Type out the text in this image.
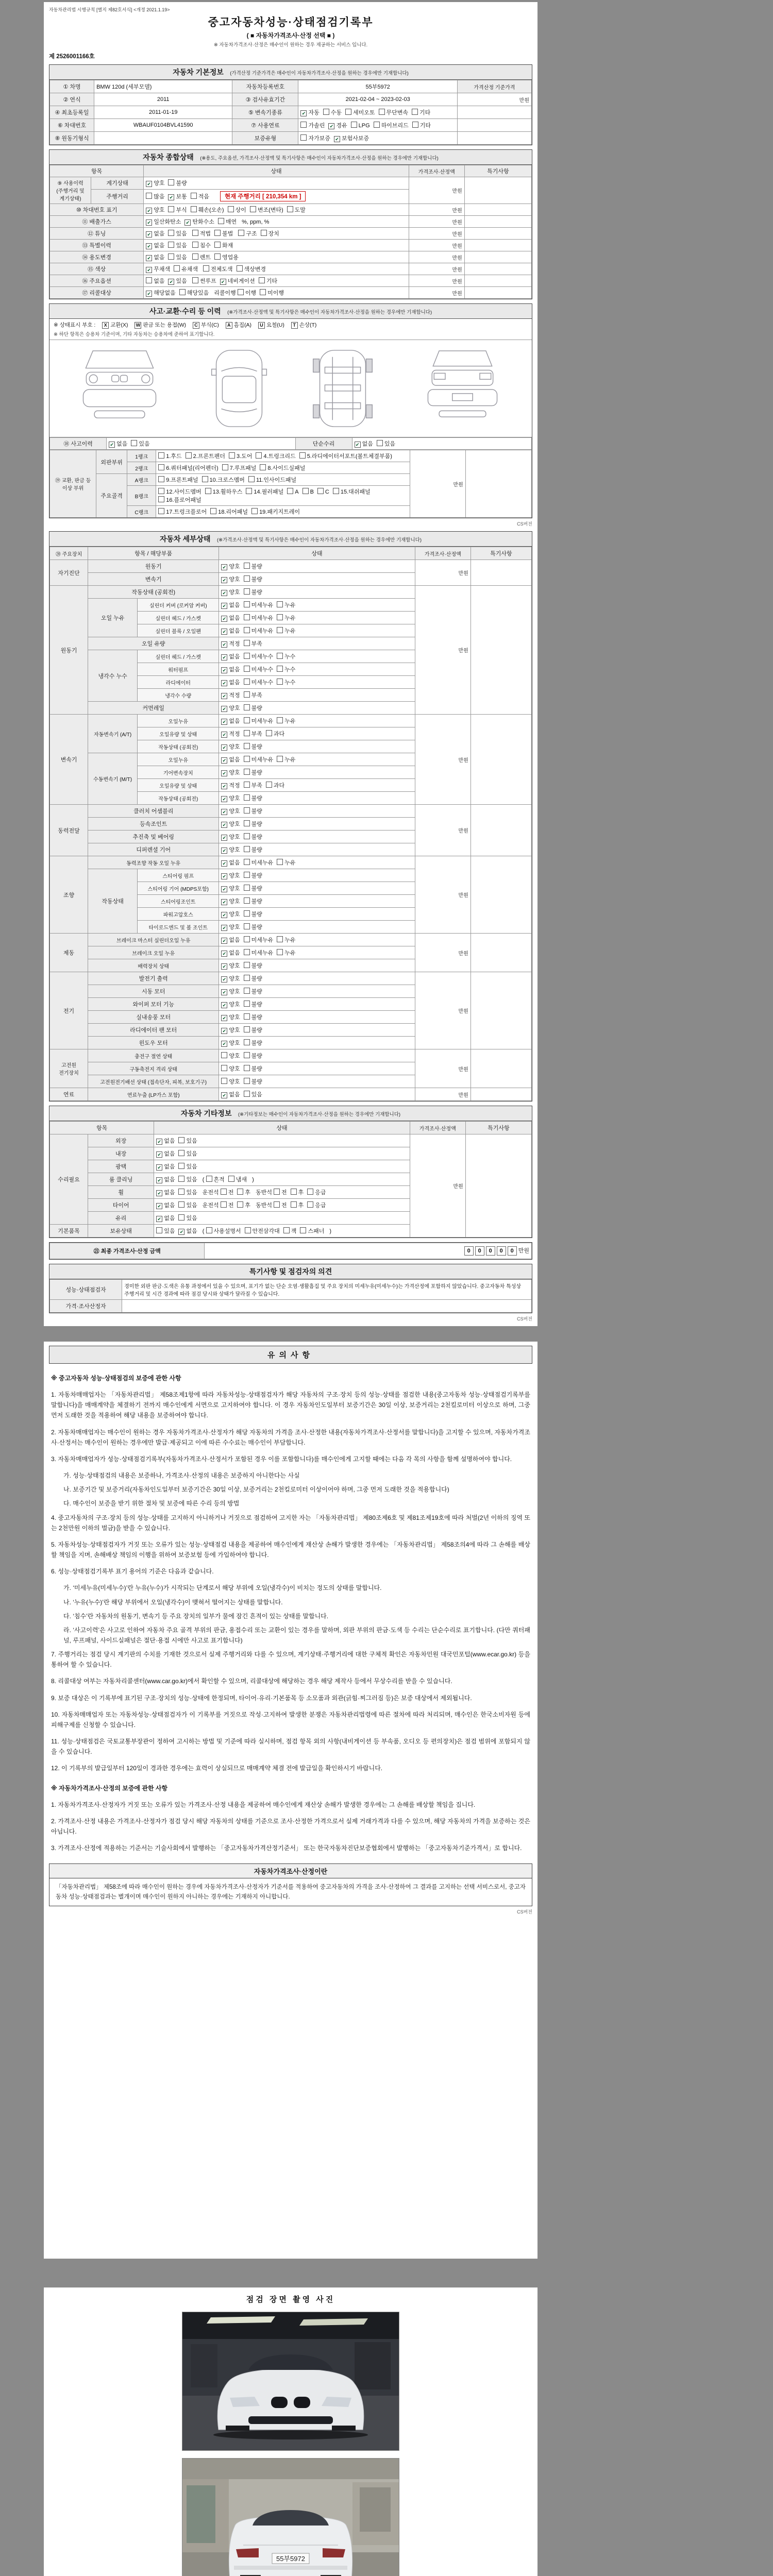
자동차관리법 시행규칙 [별지 제82호서식] <개정 2021.1.19>
중고자동차성능·상태점검기록부
( ■ 자동차가격조사·산정 선택 ■ )
※ 자동차가격조사·산정은 매수인이 원하는 경우 제공하는 서비스 입니다.
제 2526001166호
자동차 기본정보 (가격산정 기준가격은 매수인이 자동차가격조사·산정을 원하는 경우에만 기재합니다)
① 차명	BMW 120d (세부모델)	자동차등록번호	55부5972	가격산정 기준가격
② 연식	2011	③ 검사유효기간	2021-02-04 ~ 2023-02-03	만원
④ 최초등록일	2011-01-19	⑤ 변속기종류	✔ 자동 수동 세미오토 무단변속 기타	
⑥ 차대번호	WBAUF0104BVL41590	⑦ 사용연료	가솔린 ✔ 경유 LPG 하이브리드 기타	
⑧ 원동기형식		보증유형	자가보증 ✔ 보험사보증	
자동차 종합상태 (※용도, 주요옵션, 가격조사·산정액 및 특기사항은 매수인이 자동차가격조사·산정을 원하는 경우에만 기재합니다)
항목		상태	가격조사·산정액	특기사항
⑨ 사용이력 (주행거리 및 계기상태)	계기상태	✔ 양호 불량	만원	
	주행거리	많음 ✔ 보통 적음 현재 주행거리 [ 210,354 km ]		
⑩ 차대번호 표기		✔ 양호 부식 훼손(오손) 상이 변조(변타) 도말	만원	
⑪ 배출가스		✔ 일산화탄소 ✔ 탄화수소 매연 %, ppm, %	만원	
⑫ 튜닝		✔ 없음 있음 적법 불법 구조 장치	만원	
⑬ 특별이력		✔ 없음 있음 침수 화재	만원	
⑭ 용도변경		✔ 없음 있음 렌트 영업용	만원	
⑮ 색상		✔ 무채색 유채색 전체도색 색상변경	만원	
⑯ 주요옵션		없음 ✔ 있음 썬루프 ✔ 네비게이션 기타	만원	
⑰ 리콜대상		✔ 해당없음 해당있음 리콜이행 이행 미이행	만원	
사고·교환·수리 등 이력 (※가격조사·산정액 및 특기사항은 매수인이 자동차가격조사·산정을 원하는 경우에만 기재합니다)
※ 상태표시 부호 : X 교환(X) W 판금 또는 용접(W) C 부식(C) A 흠집(A) U 요철(U) T 손상(T)
※ 하단 항목은 승용차 기준이며, 기타 자동차는 승용차에 준하여 표기합니다.
⑱ 사고이력	✔ 없음 있음	단순수리	✔ 없음 있음
⑲ 교환, 판금 등 이상 부위	외판부위	1랭크	1.후드 2.프론트펜더 3.도어 4.트렁크리드 5.라디에이터서포트(볼트체결부품)	만원	
		2랭크	6.쿼터패널(리어펜더) 7.루프패널 8.사이드실패널		
	주요골격	A랭크	9.프론트패널 10.크로스멤버 11.인사이드패널		
		B랭크	12.사이드멤버 13.휠하우스 14.필러패널 A B C 15.대쉬패널16.플로어패널		
		C랭크	17.트렁크플로어 18.리어패널 19.패키지트레이		
CS버전
자동차 세부상태 (※가격조사·산정액 및 특기사항은 매수인이 자동차가격조사·산정을 원하는 경우에만 기재합니다)
⑳ 주요장치	항목 / 해당부품		상태	가격조사·산정액	특기사항
자기진단	원동기		✔ 양호 불량	만원	
	변속기		✔ 양호 불량		
원동기	작동상태 (공회전)		✔ 양호 불량	만원	
	오일 누유	실린더 커버 (로커암 커버)	✔ 없음 미세누유 누유		
		실린더 헤드 / 가스켓	✔ 없음 미세누유 누유		
		실린더 블록 / 오일팬	✔ 없음 미세누유 누유		
	오일 유량		✔ 적정 부족		
	냉각수 누수	실린더 헤드 / 가스켓	✔ 없음 미세누수 누수		
		워터펌프	✔ 없음 미세누수 누수		
		라디에이터	✔ 없음 미세누수 누수		
		냉각수 수량	✔ 적정 부족		
	커먼레일		✔ 양호 불량		
변속기	자동변속기 (A/T)	오일누유	✔ 없음 미세누유 누유	만원	
		오일유량 및 상태	✔ 적정 부족 과다		
		작동상태 (공회전)	✔ 양호 불량		
	수동변속기 (M/T)	오일누유	✔ 없음 미세누유 누유		
		기어변속장치	✔ 양호 불량		
		오일유량 및 상태	✔ 적정 부족 과다		
		작동상태 (공회전)	✔ 양호 불량		
동력전달	클러치 어셈블리		✔ 양호 불량	만원	
	등속조인트		✔ 양호 불량		
	추진축 및 베어링		✔ 양호 불량		
	디퍼렌셜 기어		✔ 양호 불량		
조향	동력조향 작동 오일 누유		✔ 없음 미세누유 누유	만원	
	작동상태	스티어링 펌프	✔ 양호 불량		
		스티어링 기어 (MDPS포함)	✔ 양호 불량		
		스티어링조인트	✔ 양호 불량		
		파워고압호스	✔ 양호 불량		
		타이로드엔드 및 볼 조인트	✔ 양호 불량		
제동	브레이크 마스터 실린더오일 누유		✔ 없음 미세누유 누유	만원	
	브레이크 오일 누유		✔ 없음 미세누유 누유		
	배력장치 상태		✔ 양호 불량		
전기	발전기 출력		✔ 양호 불량	만원	
	시동 모터		✔ 양호 불량		
	와이퍼 모터 기능		✔ 양호 불량		
	실내송풍 모터		✔ 양호 불량		
	라디에이터 팬 모터		✔ 양호 불량		
	윈도우 모터		✔ 양호 불량		
고전원 전기장치	충전구 절연 상태		양호 불량	만원	
	구동축전지 격리 상태		양호 불량		
	고전원전기배선 상태 (접속단자, 피복, 보호기구)		양호 불량		
연료	연료누출 (LP가스 포함)		✔ 없음 있음	만원	
자동차 기타정보 (※기타정보는 매수인이 자동차가격조사·산정을 원하는 경우에만 기재합니다)
항목		상태	가격조사·산정액	특기사항
수리필요	외장	✔ 없음 있음	만원	
	내장	✔ 없음 있음		
	광택	✔ 없음 있음		
	룸 클리닝	✔ 없음 있음 ( 흔적 냄새 )		
	휠	✔ 없음 있음 운전석 전 후 동반석 전 후 응급		
	타이어	✔ 없음 있음 운전석 전 후 동반석 전 후 응급		
	유리	✔ 없음 있음		
기본품목	보유상태	있음 ✔ 없음 ( 사용설명서 안전삼각대 잭 스패너 )		
㉑ 최종 가격조사·산정 금액	0 0 0 0 0 만원
특기사항 및 점검자의 의견
성능·상태점검자	경미한 외판 판금·도색은 유통 과정에서 있을 수 있으며, 표기가 없는 단순 오염·생활흠집 및 주요 장치의 미세누유(미세누수)는 가격산정에 포함하지 않았습니다. 중고자동차 특성상 주행거리 및 시간 경과에 따라 점검 당시와 상태가 달라질 수 있습니다.
가격·조사산정자	
CS버전
유의사항
※ 중고자동차 성능·상태점검의 보증에 관한 사항
1. 자동차매매업자는 「자동차관리법」 제58조제1항에 따라 자동차성능·상태점검자가 해당 자동차의 구조·장치 등의 성능·상태를 점검한 내용(중고자동차 성능·상태점검기록부를 말합니다)을 매매계약을 체결하기 전까지 매수인에게 서면으로 고지하여야 합니다. 이 경우 자동차인도일부터 보증기간은 30일 이상, 보증거리는 2천킬로미터 이상으로 하며, 그중 먼저 도래한 것을 적용하여 해당 내용을 보증하여야 합니다.
2. 자동차매매업자는 매수인이 원하는 경우 자동차가격조사·산정자가 해당 자동차의 가격을 조사·산정한 내용(자동차가격조사·산정서를 말합니다)을 고지할 수 있으며, 자동차가격조사·산정서는 매수인이 원하는 경우에만 발급·제공되고 이에 따른 수수료는 매수인이 부담합니다.
3. 자동차매매업자가 성능·상태점검기록부(자동차가격조사·산정서가 포함된 경우 이를 포함합니다)를 매수인에게 고지할 때에는 다음 각 목의 사항을 함께 설명하여야 합니다.
가. 성능·상태점검의 내용은 보증하나, 가격조사·산정의 내용은 보증하지 아니한다는 사실
나. 보증기간 및 보증거리(자동차인도일부터 보증기간은 30일 이상, 보증거리는 2천킬로미터 이상이어야 하며, 그중 먼저 도래한 것을 적용합니다)
다. 매수인이 보증을 받기 위한 절차 및 보증에 따른 수리 등의 방법
4. 중고자동차의 구조·장치 등의 성능·상태를 고지하지 아니하거나 거짓으로 점검하여 고지한 자는 「자동차관리법」 제80조제6호 및 제81조제19호에 따라 처벌(2년 이하의 징역 또는 2천만원 이하의 벌금)을 받을 수 있습니다.
5. 자동차성능·상태점검자가 거짓 또는 오류가 있는 성능·상태점검 내용을 제공하여 매수인에게 재산상 손해가 발생한 경우에는 「자동차관리법」 제58조의4에 따라 그 손해를 배상할 책임을 지며, 손해배상 책임의 이행을 위하여 보증보험 등에 가입하여야 합니다.
6. 성능·상태점검기록부 표기 용어의 기준은 다음과 같습니다.
가. ‘미세누유(미세누수)’란 누유(누수)가 시작되는 단계로서 해당 부위에 오일(냉각수)이 비치는 정도의 상태를 말합니다.
나. ‘누유(누수)’란 해당 부위에서 오일(냉각수)이 맺혀서 떨어지는 상태를 말합니다.
다. ‘침수’란 자동차의 원동기, 변속기 등 주요 장치의 일부가 물에 잠긴 흔적이 있는 상태를 말합니다.
라. ‘사고이력’은 사고로 인하여 자동차 주요 골격 부위의 판금, 용접수리 또는 교환이 있는 경우를 말하며, 외판 부위의 판금·도색 등 수리는 단순수리로 표기합니다. (다만 쿼터패널, 루프패널, 사이드실패널은 절단·용접 시에만 사고로 표기합니다)
7. 주행거리는 점검 당시 계기판의 수치를 기재한 것으로서 실제 주행거리와 다를 수 있으며, 계기상태·주행거리에 대한 구체적 확인은 자동차민원 대국민포털(www.ecar.go.kr) 등을 통하여 할 수 있습니다.
8. 리콜대상 여부는 자동차리콜센터(www.car.go.kr)에서 확인할 수 있으며, 리콜대상에 해당하는 경우 해당 제작사 등에서 무상수리를 받을 수 있습니다.
9. 보증 대상은 이 기록부에 표기된 구조·장치의 성능·상태에 한정되며, 타이어·유리·기본품목 등 소모품과 외관(긁힘·찌그러짐 등)은 보증 대상에서 제외됩니다.
10. 자동차매매업자 또는 자동차성능·상태점검자가 이 기록부를 거짓으로 작성·고지하여 발생한 분쟁은 자동차관리법령에 따른 절차에 따라 처리되며, 매수인은 한국소비자원 등에 피해구제를 신청할 수 있습니다.
11. 성능·상태점검은 국토교통부장관이 정하여 고시하는 방법 및 기준에 따라 실시하며, 점검 항목 외의 사항(내비게이션 등 부속품, 오디오 등 편의장치)은 점검 범위에 포함되지 않을 수 있습니다.
12. 이 기록부의 발급일부터 120일이 경과한 경우에는 효력이 상실되므로 매매계약 체결 전에 발급일을 확인하시기 바랍니다.
※ 자동차가격조사·산정의 보증에 관한 사항
1. 자동차가격조사·산정자가 거짓 또는 오류가 있는 가격조사·산정 내용을 제공하여 매수인에게 재산상 손해가 발생한 경우에는 그 손해를 배상할 책임을 집니다.
2. 가격조사·산정 내용은 가격조사·산정자가 점검 당시 해당 자동차의 상태를 기준으로 조사·산정한 가격으로서 실제 거래가격과 다를 수 있으며, 해당 자동차의 가격을 보증하는 것은 아닙니다.
3. 가격조사·산정에 적용하는 기준서는 기술사회에서 발행하는 「중고자동차가격산정기준서」 또는 한국자동차진단보증협회에서 발행하는 「중고자동차기준가격서」로 합니다.
자동차가격조사·산정이란
「자동차관리법」 제58조에 따라 매수인이 원하는 경우에 자동차가격조사·산정자가 기준서를 적용하여 중고자동차의 가격을 조사·산정하여 그 결과를 고지하는 선택 서비스로서, 중고자동차 성능·상태점검과는 별개이며 매수인이 원하지 아니하는 경우에는 기재하지 아니합니다.
CS버전
점검 장면 촬영 사진
55부5972
